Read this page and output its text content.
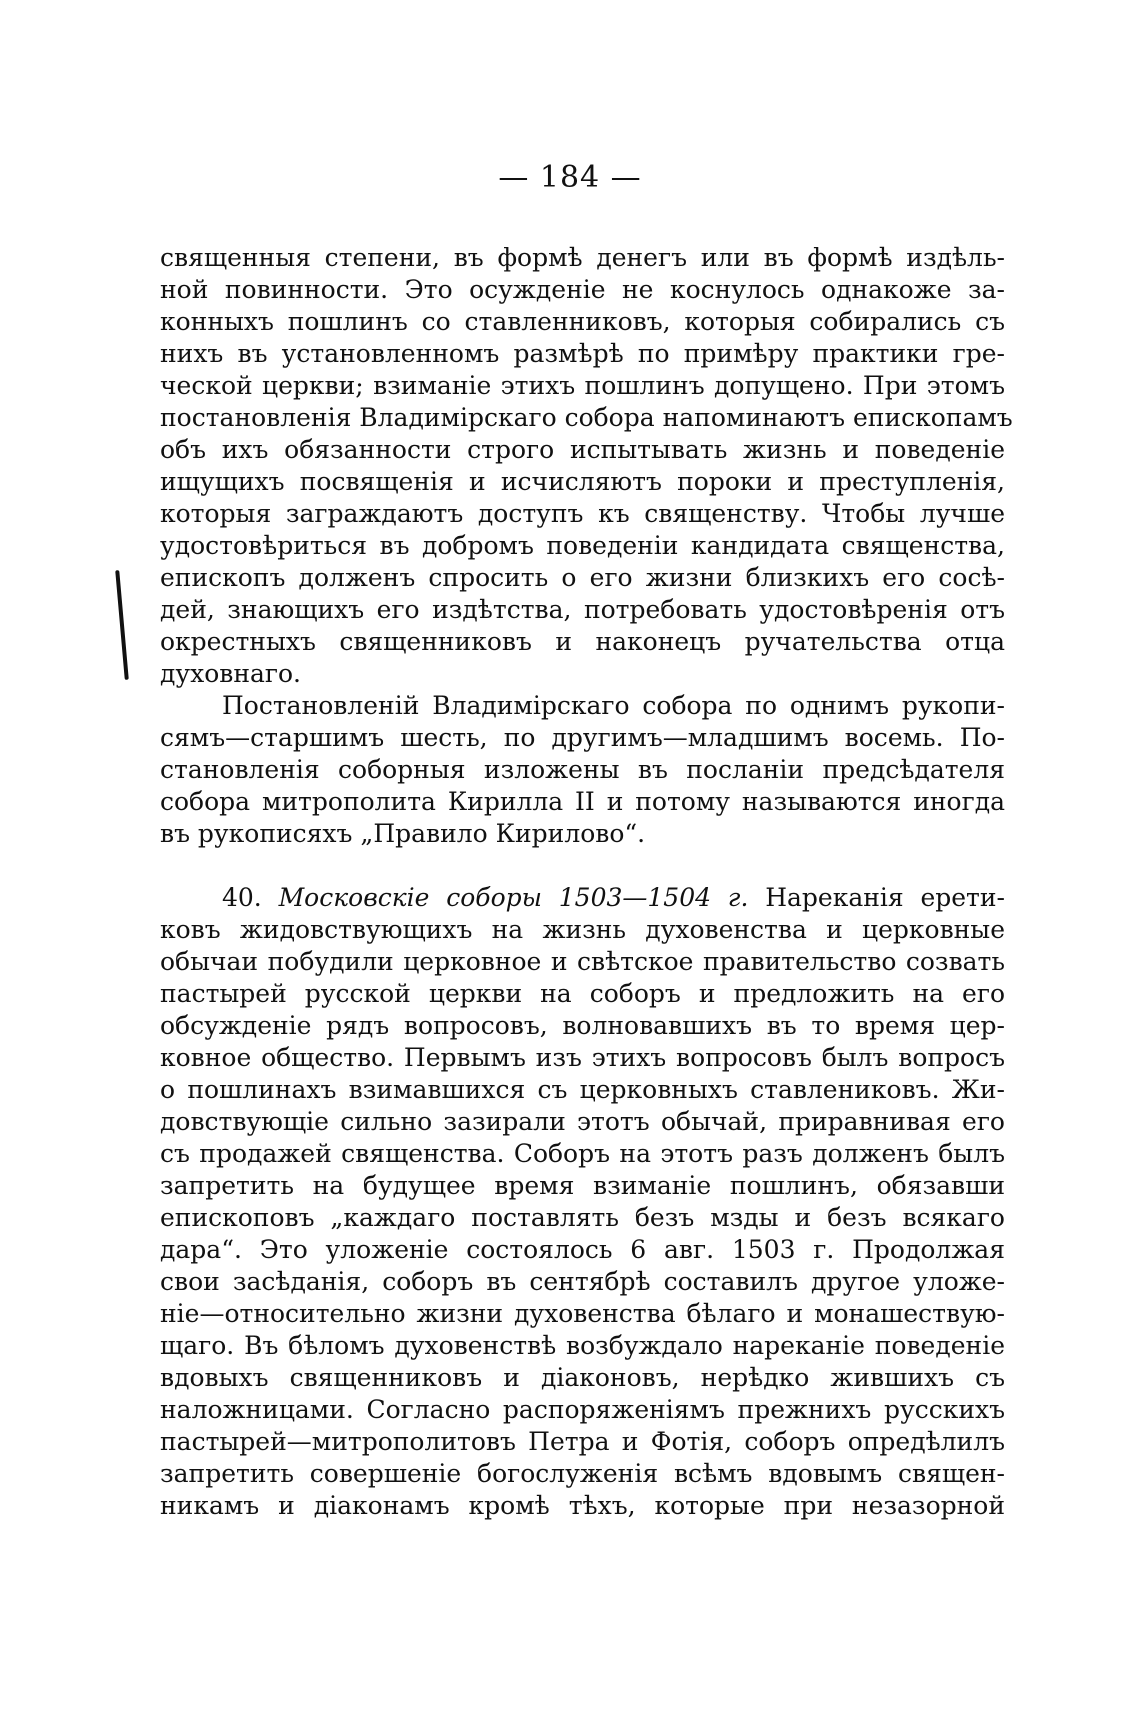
— 184 —
священныя степени, въ формѣ денегъ или въ формѣ издѣль-
ной повинности. Это осужденіе не коснулось однакоже за-
конныхъ пошлинъ со ставленниковъ, которыя собирались съ
нихъ въ установленномъ размѣрѣ по примѣру практики гре-
ческой церкви; взиманіе этихъ пошлинъ допущено. При этомъ
постановленія Владимірскаго собора напоминаютъ епископамъ
объ ихъ обязанности строго испытывать жизнь и поведеніе
ищущихъ посвященія и исчисляютъ пороки и преступленія,
которыя заграждаютъ доступъ къ священству. Чтобы лучше
удостовѣриться въ добромъ поведеніи кандидата священства,
епископъ долженъ спросить о его жизни близкихъ его сосѣ-
дей, знающихъ его издѣтства, потребовать удостовѣренія отъ
окрестныхъ священниковъ и наконецъ ручательства отца
духовнаго.
Постановленій Владимірскаго собора по однимъ рукопи-
сямъ—старшимъ шесть, по другимъ—младшимъ восемь. По-
становленія соборныя изложены въ посланіи предсѣдателя
собора митрополита Кирилла II и потому называются иногда
въ рукописяхъ „Правило Кирилово“.
40. Московскіе соборы 1503—1504 г. Нареканія ерети-
ковъ жидовствующихъ на жизнь духовенства и церковные
обычаи побудили церковное и свѣтское правительство созвать
пастырей русской церкви на соборъ и предложить на его
обсужденіе рядъ вопросовъ, волновавшихъ въ то время цер-
ковное общество. Первымъ изъ этихъ вопросовъ былъ вопросъ
о пошлинахъ взимавшихся съ церковныхъ ставлениковъ. Жи-
довствующіе сильно зазирали этотъ обычай, приравнивая его
съ продажей священства. Соборъ на этотъ разъ долженъ былъ
запретить на будущее время взиманіе пошлинъ, обязавши
епископовъ „каждаго поставлять безъ мзды и безъ всякаго
дара“. Это уложеніе состоялось 6 авг. 1503 г. Продолжая
свои засѣданія, соборъ въ сентябрѣ составилъ другое уложе-
ніе—относительно жизни духовенства бѣлаго и монашествую-
щаго. Въ бѣломъ духовенствѣ возбуждало нареканіе поведеніе
вдовыхъ священниковъ и діаконовъ, нерѣдко жившихъ съ
наложницами. Согласно распоряженіямъ прежнихъ русскихъ
пастырей—митрополитовъ Петра и Фотія, соборъ опредѣлилъ
запретить совершеніе богослуженія всѣмъ вдовымъ священ-
никамъ и діаконамъ кромѣ тѣхъ, которые при незазорной
